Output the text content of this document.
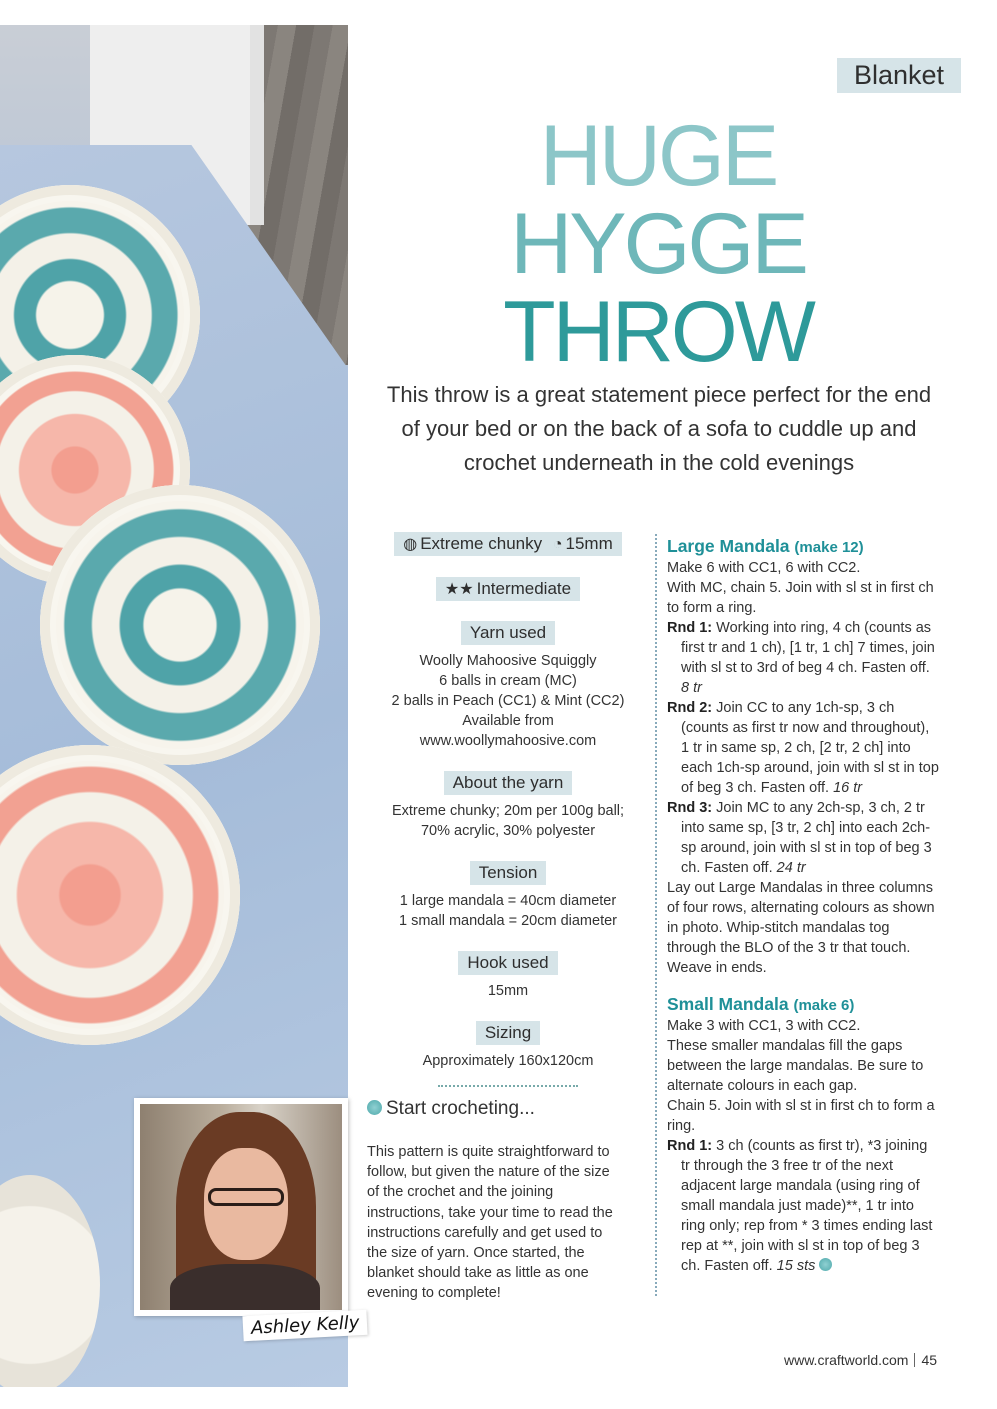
Blanket
HUGE
HYGGE
THROW
This throw is a great statement piece perfect for the end of your bed or on the back of a sofa to cuddle up and crochet underneath in the cold evenings
◍ Extreme chunky ◔ 15mm
★★ Intermediate
Yarn used
Woolly Mahoosive Squiggly
6 balls in cream (MC)
2 balls in Peach (CC1) & Mint (CC2)
Available from
www.woollymahoosive.com
About the yarn
Extreme chunky; 20m per 100g ball;
70% acrylic, 30% polyester
Tension
1 large mandala = 40cm diameter
1 small mandala = 20cm diameter
Hook used
15mm
Sizing
Approximately 160x120cm
Start crocheting...
This pattern is quite straightforward to follow, but given the nature of the size of the crochet and the joining instructions, take your time to read the instructions carefully and get used to the size of yarn. Once started, the blanket should take as little as one evening to complete!
Ashley Kelly
Large Mandala (make 12)
Make 6 with CC1, 6 with CC2.
With MC, chain 5. Join with sl st in first ch to form a ring.
Rnd 1: Working into ring, 4 ch (counts as first tr and 1 ch), [1 tr, 1 ch] 7 times, join with sl st to 3rd of beg 4 ch. Fasten off. 8 tr
Rnd 2: Join CC to any 1ch-sp, 3 ch (counts as first tr now and throughout), 1 tr in same sp, 2 ch, [2 tr, 2 ch] into each 1ch-sp around, join with sl st in top of beg 3 ch. Fasten off. 16 tr
Rnd 3: Join MC to any 2ch-sp, 3 ch, 2 tr into same sp, [3 tr, 2 ch] into each 2ch-sp around, join with sl st in top of beg 3 ch. Fasten off. 24 tr
Lay out Large Mandalas in three columns of four rows, alternating colours as shown in photo. Whip-stitch mandalas tog through the BLO of the 3 tr that touch. Weave in ends.
Small Mandala (make 6)
Make 3 with CC1, 3 with CC2.
These smaller mandalas fill the gaps between the large mandalas. Be sure to alternate colours in each gap.
Chain 5. Join with sl st in first ch to form a ring.
Rnd 1: 3 ch (counts as first tr), *3 joining tr through the 3 free tr of the next adjacent large mandala (using ring of small mandala just made)**, 1 tr into ring only; rep from * 3 times ending last rep at **, join with sl st in top of beg 3 ch. Fasten off. 15 sts
www.craftworld.com 45
